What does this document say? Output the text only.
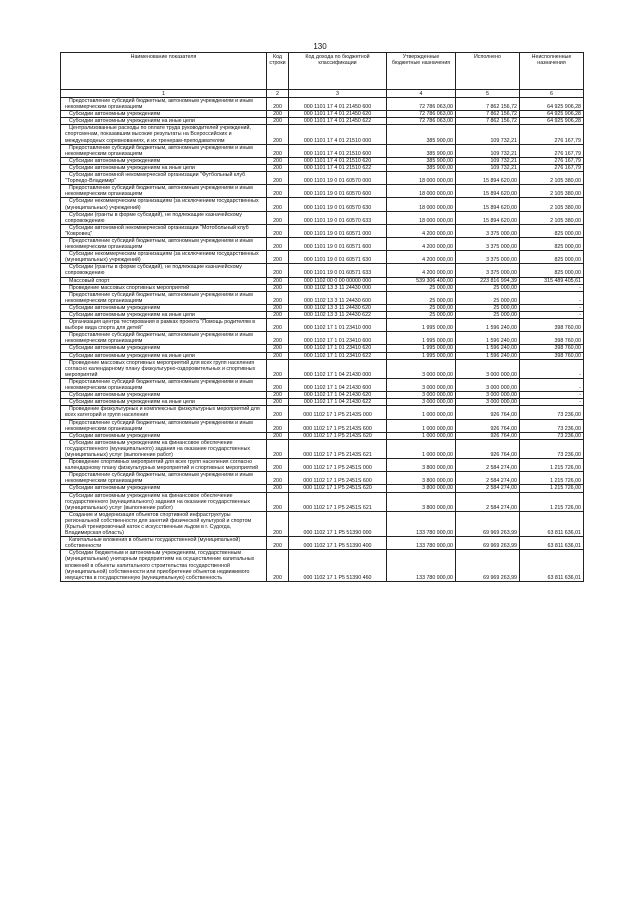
130
Наименование показателя	Код строки	Код дохода по бюджетной классификации	Утвержденные бюджетные назначения	Исполнено	Неисполненные назначения
1	2	3	4	5	6
Предоставление субсидий бюджетным, автономным учреждениям и иным некоммерческим организациям	200	000 1101 17 4 01 21450 600	72 786 063,00	7 862 156,72	64 925 906,28
Субсидии автономным учреждениям	200	000 1101 17 4 01 21450 620	72 786 063,00	7 862 156,72	64 925 906,28
Субсидии автономным учреждениям на иные цели	200	000 1101 17 4 01 21450 622	72 786 063,00	7 862 156,72	64 925 906,28
Централизованные расходы по оплате труда руководителей учреждений, спортсменам, показавшим высокие результаты на Всероссийских и международных соревнованиях, и их тренерам-преподавателям	200	000 1101 17 4 01 21510 000	385 900,00	109 732,21	276 167,79
Предоставление субсидий бюджетным, автономным учреждениям и иным некоммерческим организациям	200	000 1101 17 4 01 21510 600	385 900,00	109 732,21	276 167,79
Субсидии автономным учреждениям	200	000 1101 17 4 01 21510 620	385 900,00	109 732,21	276 167,79
Субсидии автономным учреждениям на иные цели	200	000 1101 17 4 01 21510 622	385 900,00	109 732,21	276 167,79
Субсидии автономной некоммерческой организации "Футбольный клуб "Торпедо-Владимир"	200	000 1101 19 0 01 60570 000	18 000 000,00	15 894 620,00	2 105 380,00
Предоставление субсидий бюджетным, автономным учреждениям и иным некоммерческим организациям	200	000 1101 19 0 01 60570 600	18 000 000,00	15 894 620,00	2 105 380,00
Субсидии некоммерческим организациям (за исключением государственных (муниципальных) учреждений)	200	000 1101 19 0 01 60570 630	18 000 000,00	15 894 620,00	2 105 380,00
Субсидии (гранты в форме субсидий), не подлежащие казначейскому сопровождению	200	000 1101 19 0 01 60570 633	18 000 000,00	15 894 620,00	2 105 380,00
Субсидии автономной некоммерческой организации "Мотобольный клуб "Ковровец"	200	000 1101 19 0 01 60571 000	4 200 000,00	3 375 000,00	825 000,00
Предоставление субсидий бюджетным, автономным учреждениям и иным некоммерческим организациям	200	000 1101 19 0 01 60571 600	4 200 000,00	3 375 000,00	825 000,00
Субсидии некоммерческим организациям (за исключением государственных (муниципальных) учреждений)	200	000 1101 19 0 01 60571 630	4 200 000,00	3 375 000,00	825 000,00
Субсидии (гранты в форме субсидий), не подлежащие казначейскому сопровождению	200	000 1101 19 0 01 60571 633	4 200 000,00	3 375 000,00	825 000,00
Массовый спорт	200	000 1102 00 0 00 00000 000	539 306 400,00	223 816 994,39	315 489 405,61
Проведение массовых спортивных мероприятий	200	000 1102 13 3 11 24430 000	25 000,00	25 000,00	-
Предоставление субсидий бюджетным, автономным учреждениям и иным некоммерческим организациям	200	000 1102 13 3 11 24430 600	25 000,00	25 000,00	-
Субсидии автономным учреждениям	200	000 1102 13 3 11 24430 620	25 000,00	25 000,00	-
Субсидии автономным учреждениям на иные цели	200	000 1102 13 3 11 24430 622	25 000,00	25 000,00	-
Организация центра тестирования в рамках проекта "Помощь родителям в выборе вида спорта для детей"	200	000 1102 17 1 01 23410 000	1 995 000,00	1 596 240,00	398 760,00
Предоставление субсидий бюджетным, автономным учреждениям и иным некоммерческим организациям	200	000 1102 17 1 01 23410 600	1 995 000,00	1 596 240,00	398 760,00
Субсидии автономным учреждениям	200	000 1102 17 1 01 23410 620	1 995 000,00	1 596 240,00	398 760,00
Субсидии автономным учреждениям на иные цели	200	000 1102 17 1 01 23410 622	1 995 000,00	1 596 240,00	398 760,00
Проведение массовых спортивных мероприятий для всех групп населения согласно календарному плану физкультурно-оздоровительных и спортивных мероприятий	200	000 1102 17 1 04 21430 000	3 000 000,00	3 000 000,00	-
Предоставление субсидий бюджетным, автономным учреждениям и иным некоммерческим организациям	200	000 1102 17 1 04 21430 600	3 000 000,00	3 000 000,00	-
Субсидии автономным учреждениям	200	000 1102 17 1 04 21430 620	3 000 000,00	3 000 000,00	-
Субсидии автономным учреждениям на иные цели	200	000 1102 17 1 04 21430 622	3 000 000,00	3 000 000,00	-
Проведение физкультурных и комплексных физкультурных мероприятий для всех категорий и групп населения	200	000 1102 17 1 P5 2143S 000	1 000 000,00	926 764,00	73 236,00
Предоставление субсидий бюджетным, автономным учреждениям и иным некоммерческим организациям	200	000 1102 17 1 P5 2143S 600	1 000 000,00	926 764,00	73 236,00
Субсидии автономным учреждениям	200	000 1102 17 1 P5 2143S 620	1 000 000,00	926 764,00	73 236,00
Субсидии автономным учреждениям на финансовое обеспечение государственного (муниципального) задания на оказание государственных (муниципальных) услуг (выполнение работ)	200	000 1102 17 1 P5 2143S 621	1 000 000,00	926 764,00	73 236,00
Проведение спортивных мероприятий для всех групп населения согласно календарному плану физкультурных мероприятий и спортивных мероприятий	200	000 1102 17 1 P5 2451S 000	3 800 000,00	2 584 274,00	1 215 726,00
Предоставление субсидий бюджетным, автономным учреждениям и иным некоммерческим организациям	200	000 1102 17 1 P5 2451S 600	3 800 000,00	2 584 274,00	1 215 726,00
Субсидии автономным учреждениям	200	000 1102 17 1 P5 2451S 620	3 800 000,00	2 584 274,00	1 215 726,00
Субсидии автономным учреждениям на финансовое обеспечение государственного (муниципального) задания на оказание государственных (муниципальных) услуг (выполнение работ)	200	000 1102 17 1 P5 2451S 621	3 800 000,00	2 584 274,00	1 215 726,00
Создание и модернизация объектов спортивной инфраструктуры региональной собственности для занятий физической культурой и спортом (Крытый тренировочный каток с искусственным льдом в г. Судогда, Владимирская область)	200	000 1102 17 1 P5 51390 000	133 780 900,00	69 969 263,99	63 811 636,01
Капитальные вложения в объекты государственной (муниципальной) собственности	200	000 1102 17 1 P5 51390 400	133 780 900,00	69 969 263,99	63 811 636,01
Субсидии бюджетным и автономным учреждениям, государственным (муниципальным) унитарным предприятиям на осуществление капитальных вложений в объекты капитального строительства государственной (муниципальной) собственности или приобретение объектов недвижимого имущества в государственную (муниципальную) собственность	200	000 1102 17 1 P5 51390 460	133 780 900,00	69 969 263,99	63 811 636,01
